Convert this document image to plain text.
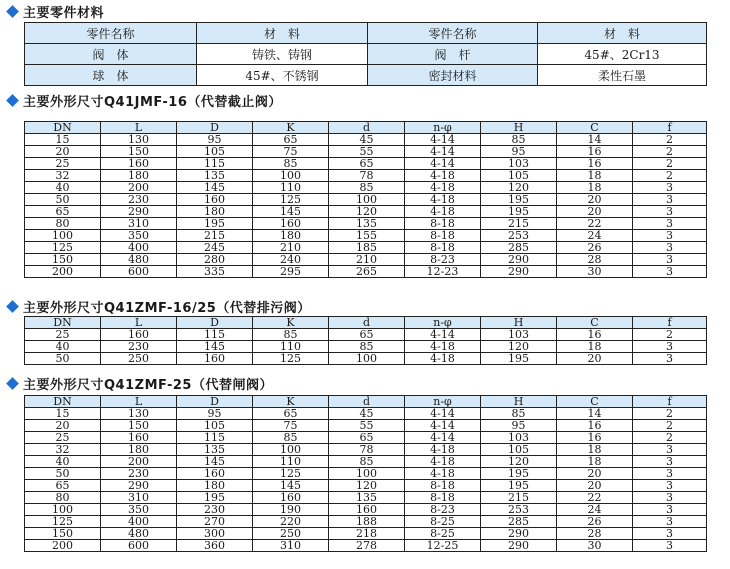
主要零件材料
零件名称	材　料	零件名称	材　料
阀　体	铸铁、铸钢	阀　杆	45#、2Cr13
球　体	45#、不锈钢	密封材料	柔性石墨
主要外形尺寸Q41JMF-16（代替截止阀）
DN	L	D	K	d	n-φ	H	C	f
15	130	95	65	45	4-14	85	14	2
20	150	105	75	55	4-14	95	16	2
25	160	115	85	65	4-14	103	16	2
32	180	135	100	78	4-18	105	18	2
40	200	145	110	85	4-18	120	18	3
50	230	160	125	100	4-18	195	20	3
65	290	180	145	120	4-18	195	20	3
80	310	195	160	135	8-18	215	22	3
100	350	215	180	155	8-18	253	24	3
125	400	245	210	185	8-18	285	26	3
150	480	280	240	210	8-23	290	28	3
200	600	335	295	265	12-23	290	30	3
主要外形尺寸Q41ZMF-16/25（代替排污阀）
DN	L	D	K	d	n-φ	H	C	f
25	160	115	85	65	4-14	103	16	2
40	230	145	110	85	4-18	120	18	3
50	250	160	125	100	4-18	195	20	3
主要外形尺寸Q41ZMF-25（代替闸阀）
DN	L	D	K	d	n-φ	H	C	f
15	130	95	65	45	4-14	85	14	2
20	150	105	75	55	4-14	95	16	2
25	160	115	85	65	4-14	103	16	2
32	180	135	100	78	4-18	105	18	3
40	200	145	110	85	4-18	120	18	3
50	230	160	125	100	4-18	195	20	3
65	290	180	145	120	8-18	195	20	3
80	310	195	160	135	8-18	215	22	3
100	350	230	190	160	8-23	253	24	3
125	400	270	220	188	8-25	285	26	3
150	480	300	250	218	8-25	290	28	3
200	600	360	310	278	12-25	290	30	3
